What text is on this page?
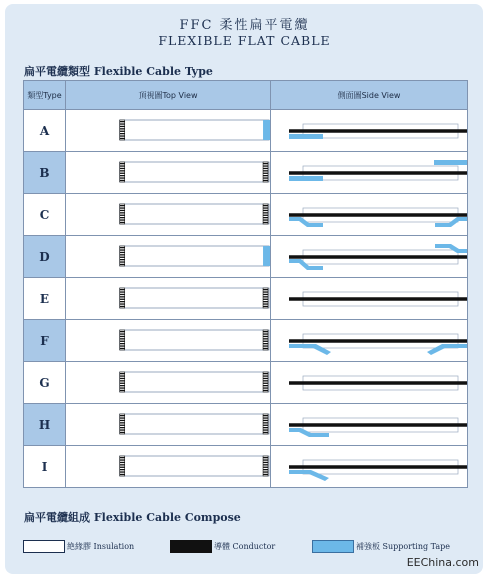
FFC 柔性扁平電纜
FLEXIBLE FLAT CABLE
扁平電纜類型 Flexible Cable Type
類型Type	頂視圖Top View	側面圖Side View
A
B
C
D
E
F
G
H
I
扁平電纜組成 Flexible Cable Compose
絶緣膠 Insulation	導體 Conductor	補強板 Supporting Tape
EEChina.com
